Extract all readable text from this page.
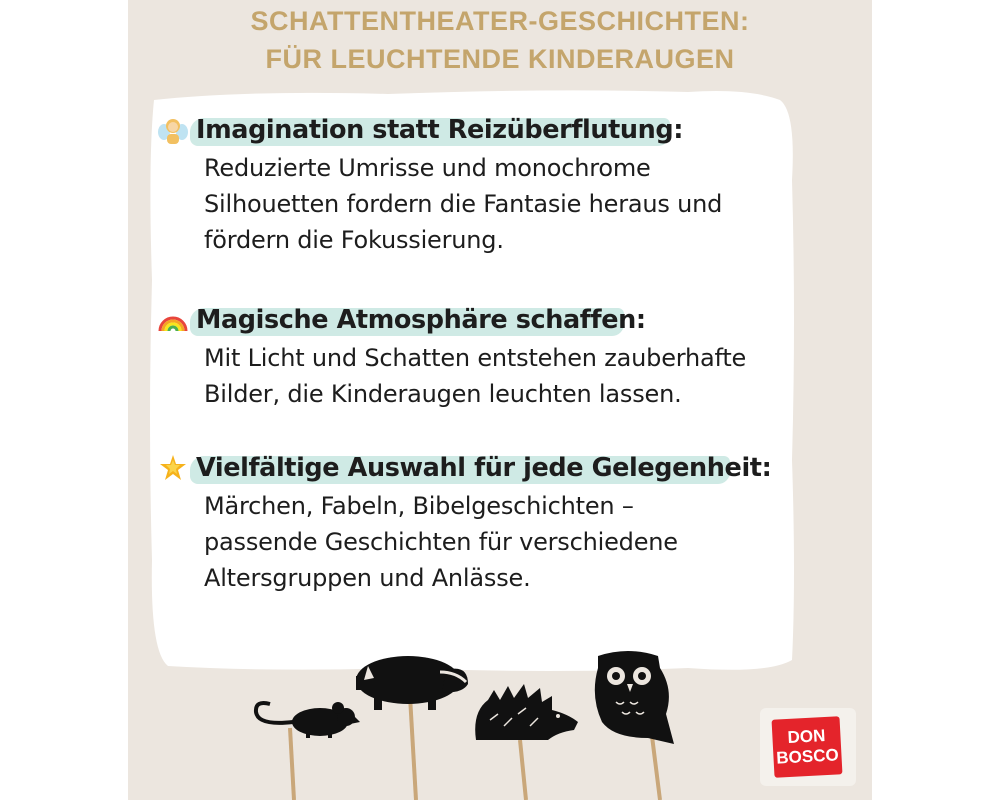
SCHATTENTHEATER-GESCHICHTEN:
FÜR LEUCHTENDE KINDERAUGEN
Imagination statt Reizüberflutung:
Reduzierte Umrisse und monochrome
Silhouetten fordern die Fantasie heraus und
fördern die Fokussierung.
Magische Atmosphäre schaffen:
Mit Licht und Schatten entstehen zauberhafte
Bilder, die Kinderaugen leuchten lassen.
Vielfältige Auswahl für jede Gelegenheit:
Märchen, Fabeln, Bibelgeschichten –
passende Geschichten für verschiedene
Altersgruppen und Anlässe.
DON
BOSCO
